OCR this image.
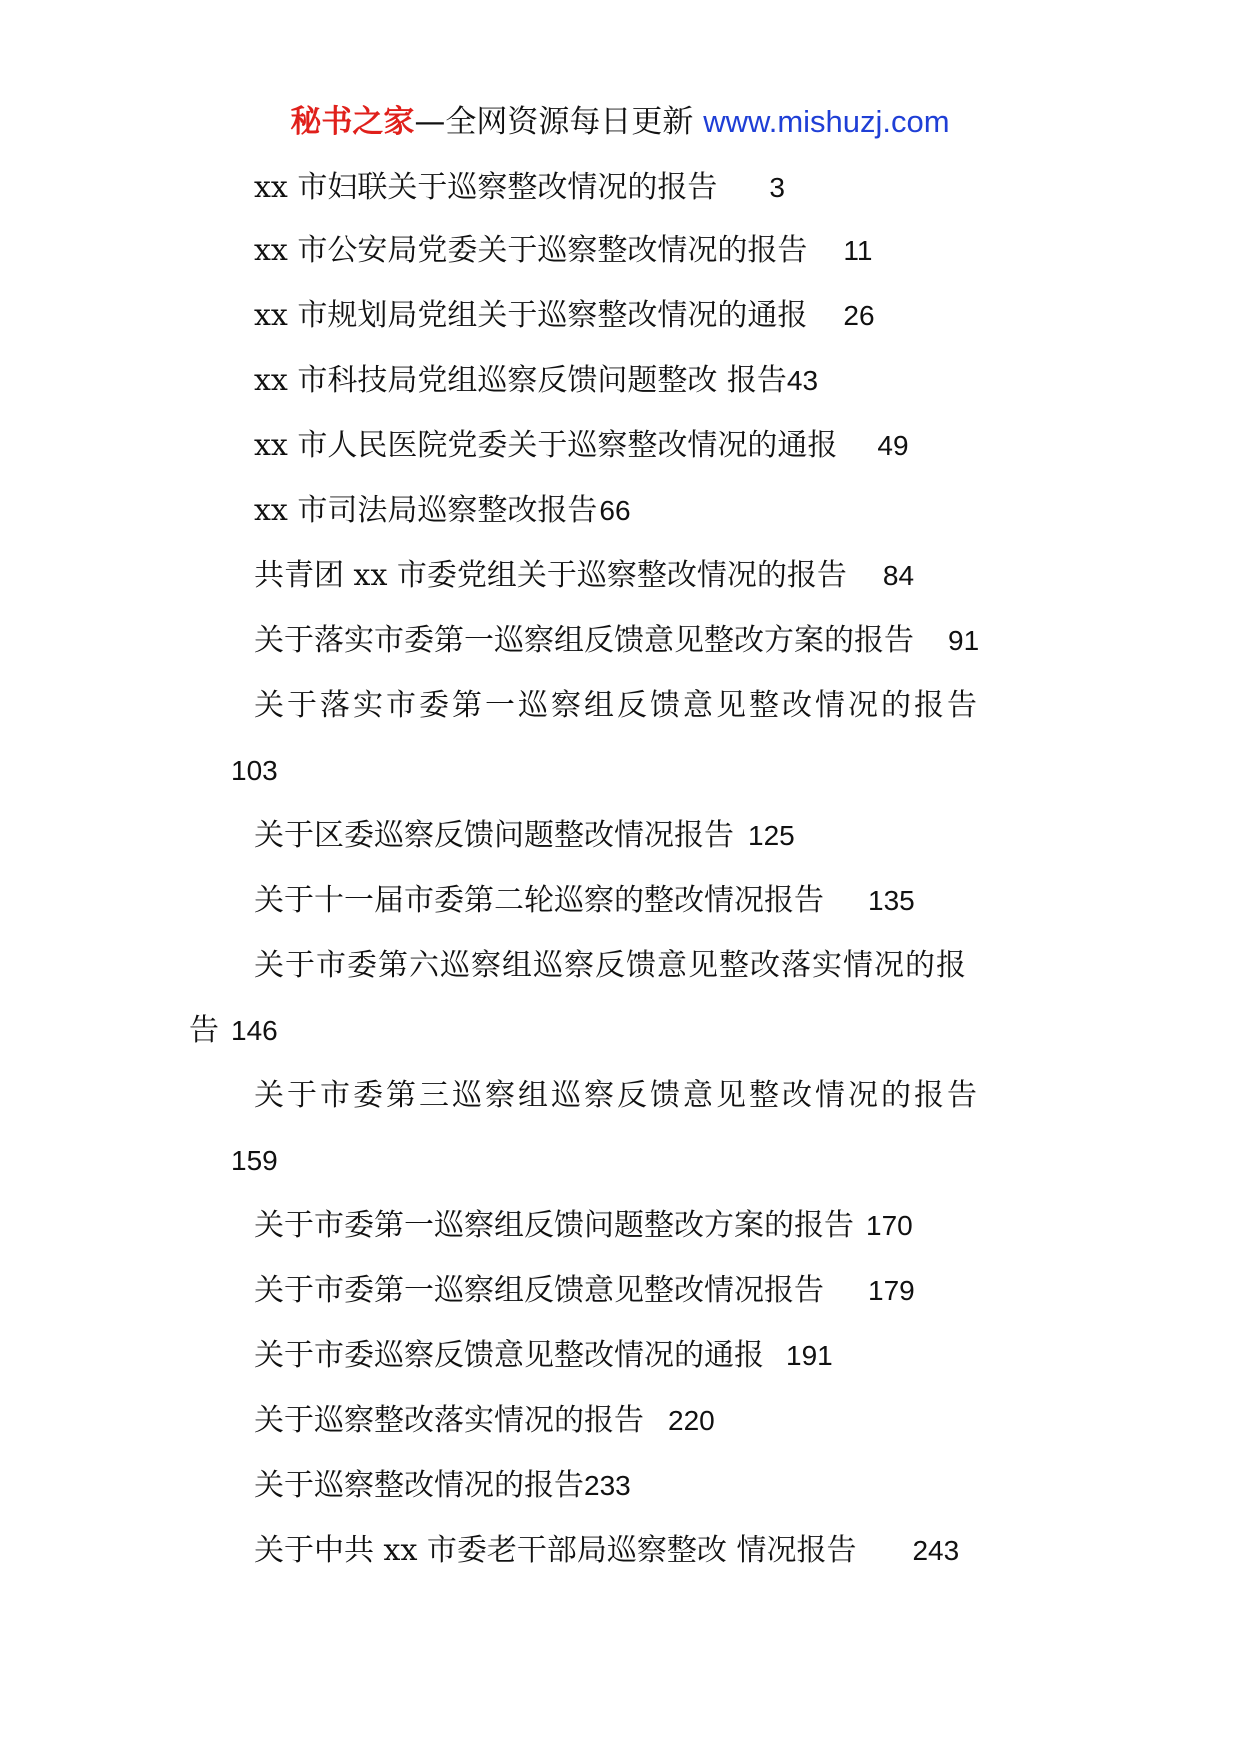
秘书之家—全网资源每日更新 www.mishuzj.com
xx 市妇联关于巡察整改情况的报告 3
xx 市公安局党委关于巡察整改情况的报告 11
xx 市规划局党组关于巡察整改情况的通报 26
xx 市科技局党组巡察反馈问题整改 报告43
xx 市人民医院党委关于巡察整改情况的通报 49
xx 市司法局巡察整改报告66
共青团 xx 市委党组关于巡察整改情况的报告 84
关于落实市委第一巡察组反馈意见整改方案的报告 91
关于落实市委第一巡察组反馈意见整改情况的报告
103
关于区委巡察反馈问题整改情况报告 125
关于十一届市委第二轮巡察的整改情况报告 135
关于市委第六巡察组巡察反馈意见整改落实情况的报
告 146
关于市委第三巡察组巡察反馈意见整改情况的报告
159
关于市委第一巡察组反馈问题整改方案的报告 170
关于市委第一巡察组反馈意见整改情况报告 179
关于市委巡察反馈意见整改情况的通报 191
关于巡察整改落实情况的报告 220
关于巡察整改情况的报告233
关于中共 xx 市委老干部局巡察整改 情况报告 243
